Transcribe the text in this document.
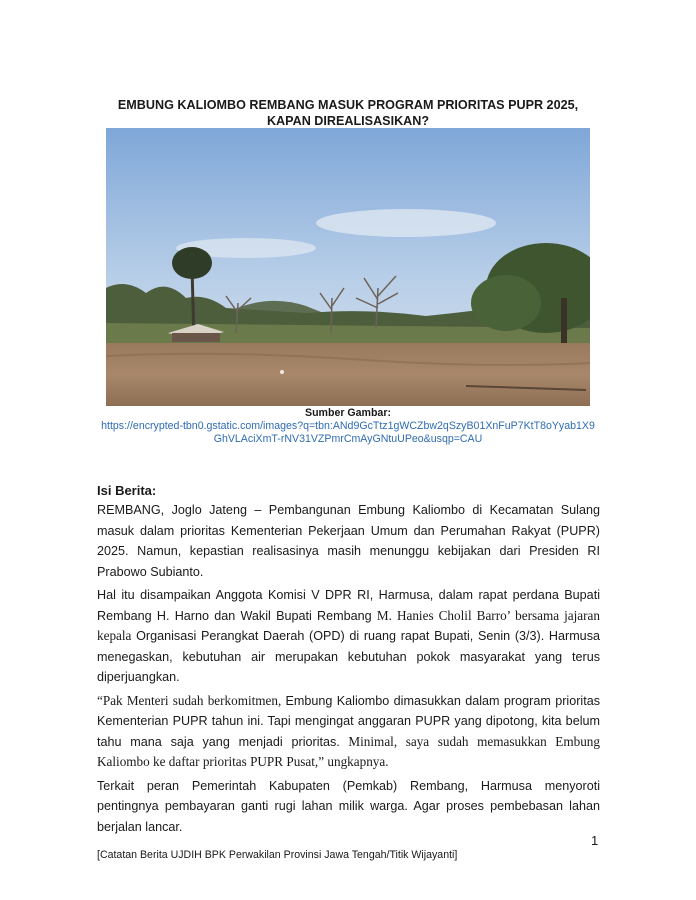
EMBUNG KALIOMBO REMBANG MASUK PROGRAM PRIORITAS PUPR 2025,
KAPAN DIREALISASIKAN?
Sumber Gambar:
https://encrypted-tbn0.gstatic.com/images?q=tbn:ANd9GcTtz1gWCZbw2qSzyB01XnFuP7KtT8oYyab1X9GhVLAciXmT-rNV31VZPmrCmAyGNtuUPeo&usqp=CAU
Isi Berita:

REMBANG, Joglo Jateng – Pembangunan Embung Kaliombo di Kecamatan Sulang masuk dalam prioritas Kementerian Pekerjaan Umum dan Perumahan Rakyat (PUPR) 2025. Namun, kepastian realisasinya masih menunggu kebijakan dari Presiden RI Prabowo Subianto.

Hal itu disampaikan Anggota Komisi V DPR RI, Harmusa, dalam rapat perdana Bupati Rembang H. Harno dan Wakil Bupati Rembang M. Hanies Cholil Barro’ bersama jajaran kepala Organisasi Perangkat Daerah (OPD) di ruang rapat Bupati, Senin (3/3). Harmusa menegaskan, kebutuhan air merupakan kebutuhan pokok masyarakat yang terus diperjuangkan.

“Pak Menteri sudah berkomitmen, Embung Kaliombo dimasukkan dalam program prioritas Kementerian PUPR tahun ini. Tapi mengingat anggaran PUPR yang dipotong, kita belum tahu mana saja yang menjadi prioritas. Minimal, saya sudah memasukkan Embung Kaliombo ke daftar prioritas PUPR Pusat,” ungkapnya.

Terkait peran Pemerintah Kabupaten (Pemkab) Rembang, Harmusa menyoroti pentingnya pembayaran ganti rugi lahan milik warga. Agar proses pembebasan lahan berjalan lancar.

1
[Catatan Berita UJDIH BPK Perwakilan Provinsi Jawa Tengah/Titik Wijayanti]
